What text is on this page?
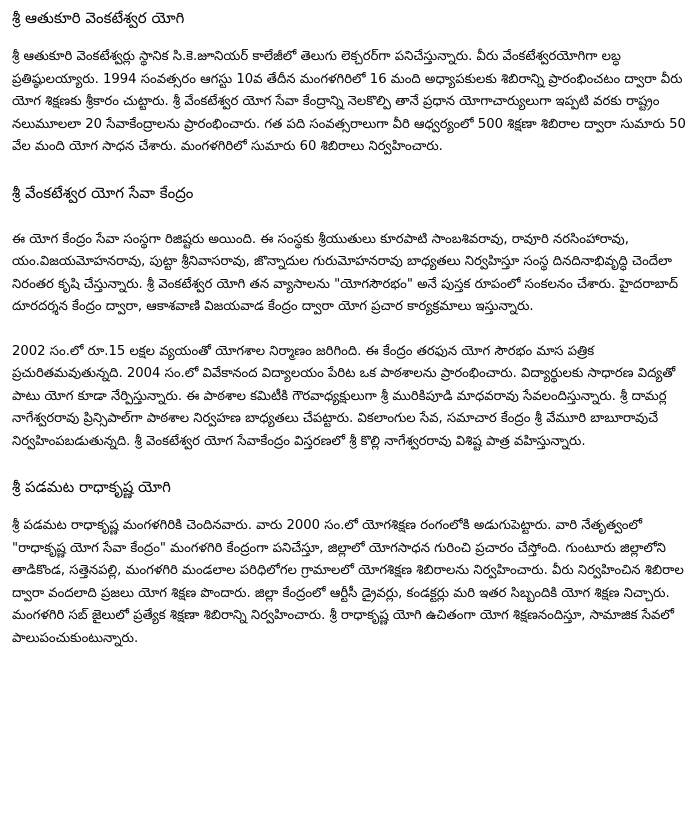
శ్రీ ఆతుకూరి వెంకటేశ్వర యోగి

శ్రీ ఆతుకూరి వెంకటేశ్వర్లు స్థానిక సి.కె.జూనియర్ కాలేజీలో తెలుగు లెక్చరర్‌గా పనిచేస్తున్నారు. వీరు వేంకటేశ్వరయోగిగా లబ్ధ ప్రతిష్ఠులయ్యారు. 1994 సంవత్సరం ఆగస్టు 10వ తేదీన మంగళగిరిలో 16 మంది అధ్యాపకులకు శిబిరాన్ని ప్రారంభించటం ద్వారా వీరు యోగ శిక్షణకు శ్రీకారం చుట్టారు. శ్రీ వేంకటేశ్వర యోగ సేవా కేంద్రాన్ని నెలకొల్పి తానే ప్రధాన యోగాచార్యులుగా ఇప్పటి వరకు రాష్ట్రం నలుమూలలా 20 సేవాకేంద్రాలను ప్రారంభించారు. గత పది సంవత్సరాలుగా వీరి ఆధ్వర్యంలో 500 శిక్షణా శిబిరాల ద్వారా సుమారు 50 వేల మంది యోగ సాధన చేశారు. మంగళగిరిలో సుమారు 60 శిబిరాలు నిర్వహించారు.

శ్రీ వేంకటేశ్వర యోగ సేవా కేంద్రం

ఈ యోగ కేంద్రం సేవా సంస్థగా రిజిష్టరు అయింది. ఈ సంస్థకు శ్రీయుతులు కూరపాటి సాంబశివరావు, రావూరి నరసింహారావు, యం.విజయమోహనరావు, పుట్టా శ్రీనివాసరావు, జొన్నాదుల గురుమోహనరావు బాధ్యతలు నిర్వహిస్తూ సంస్థ దినదినాభివృద్ధి చెందేలా నిరంతర కృషి చేస్తున్నారు. శ్రీ వెంకటేశ్వర యోగి తన వ్యాసాలను "యోగసౌరభం" అనే పుస్తక రూపంలో సంకలనం చేశారు. హైదరాబాద్ దూరదర్శన కేంద్రం ద్వారా, ఆకాశవాణి విజయవాడ కేంద్రం ద్వారా యోగ ప్రచార కార్యక్రమాలు ఇస్తున్నారు.

2002 సం.లో రూ.15 లక్షల వ్యయంతో యోగశాల నిర్మాణం జరిగింది. ఈ కేంద్రం తరఫున యోగ సౌరభం మాస పత్రిక ప్రచురితమవుతున్నది. 2004 సం.లో వివేకానంద విద్యాలయం పేరిట ఒక పాఠశాలను ప్రారంభించారు. విద్యార్థులకు సాధారణ విద్యతో పాటు యోగ కూడా నేర్పిస్తున్నారు. ఈ పాఠశాల కమిటీకి గౌరవాధ్యక్షులుగా శ్రీ మురికిపూడి మాధవరావు సేవలందిస్తున్నారు. శ్రీ దామర్ల నాగేశ్వరరావు ప్రిన్సిపాల్‌గా పాఠశాల నిర్వహణ బాధ్యతలు చేపట్టారు. వికలాంగుల సేవ, సమాచార కేంద్రం శ్రీ వేమూరి బాబూరావుచే నిర్వహింపబడుతున్నది. శ్రీ వెంకటేశ్వర యోగ సేవాకేంద్రం విస్తరణలో శ్రీ కొల్లి నాగేశ్వరరావు విశిష్ట పాత్ర వహిస్తున్నారు.

శ్రీ పడమట రాధాకృష్ణ యోగి

శ్రీ పడమట రాధాకృష్ణ మంగళగిరికి చెందినవారు. వారు 2000 సం.లో యోగశిక్షణ రంగంలోకి అడుగుపెట్టారు. వారి నేతృత్వంలో "రాధాకృష్ణ యోగ సేవా కేంద్రం" మంగళగిరి కేంద్రంగా పనిచేస్తూ, జిల్లాలో యోగసాధన గురించి ప్రచారం చేస్తోంది. గుంటూరు జిల్లాలోని తాడికొండ, సత్తెనపల్లి, మంగళగిరి మండలాల పరిధిలోగల గ్రామాలలో యోగశిక్షణ శిబిరాలను నిర్వహించారు. వీరు నిర్వహించిన శిబిరాల ద్వారా వందలాది ప్రజలు యోగ శిక్షణ పొందారు. జిల్లా కేంద్రంలో ఆర్టీసీ డ్రైవర్లు, కండక్టర్లు మరి ఇతర సిబ్బందికి యోగ శిక్షణ నిచ్చారు. మంగళగిరి సబ్ జైలులో ప్రత్యేక శిక్షణా శిబిరాన్ని నిర్వహించారు. శ్రీ రాధాకృష్ణ యోగి ఉచితంగా యోగ శిక్షణనందిస్తూ, సామాజిక సేవలో పాలుపంచుకుంటున్నారు.
